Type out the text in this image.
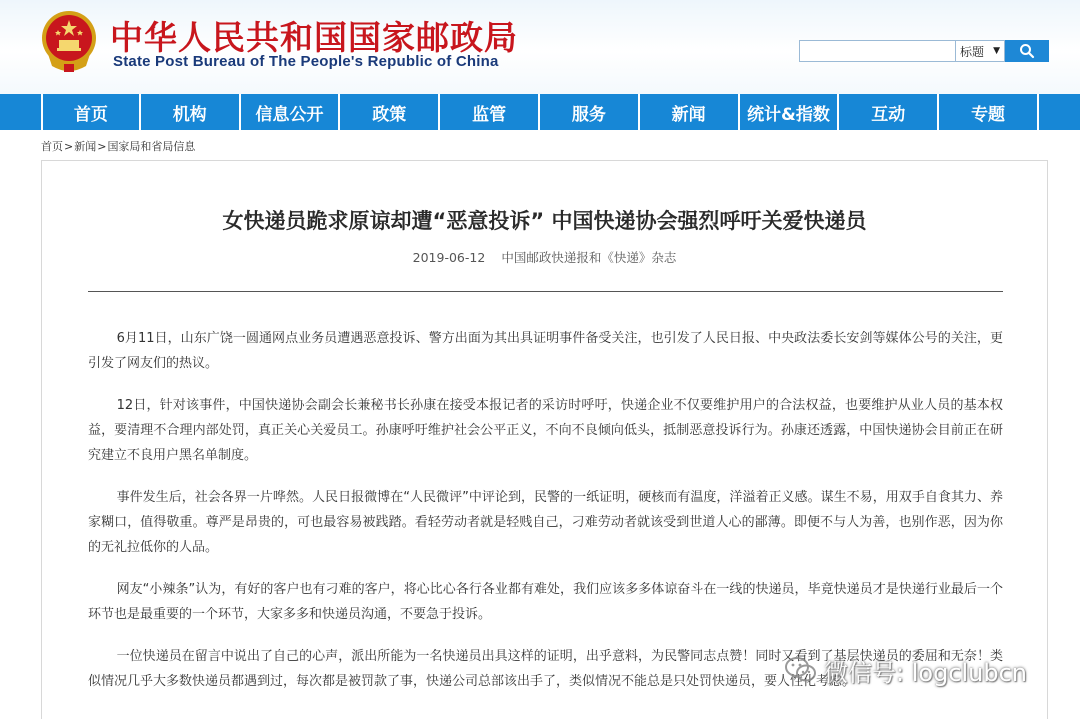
中华人民共和国国家邮政局
State Post Bureau of The People's Republic of China
标题 ▼
首页	机构	信息公开	政策	监管	服务	新闻	统计&指数	互动	专题
首页>新闻>国家局和省局信息
女快递员跪求原谅却遭“恶意投诉” 中国快递协会强烈呼吁关爱快递员
2019-06-12 中国邮政快递报和《快递》杂志

6月11日，山东广饶一圆通网点业务员遭遇恶意投诉、警方出面为其出具证明事件备受关注，也引发了人民日报、中央政法委长安剑等媒体公号的关注，更引发了网友们的热议。

12日，针对该事件，中国快递协会副会长兼秘书长孙康在接受本报记者的采访时呼吁，快递企业不仅要维护用户的合法权益，也要维护从业人员的基本权益，要清理不合理内部处罚，真正关心关爱员工。孙康呼吁维护社会公平正义，不向不良倾向低头，抵制恶意投诉行为。孙康还透露，中国快递协会目前正在研究建立不良用户黑名单制度。

事件发生后，社会各界一片哗然。人民日报微博在“人民微评”中评论到，民警的一纸证明，硬核而有温度，洋溢着正义感。谋生不易，用双手自食其力、养家糊口，值得敬重。尊严是昂贵的，可也最容易被践踏。看轻劳动者就是轻贱自己，刁难劳动者就该受到世道人心的鄙薄。即便不与人为善，也别作恶，因为你的无礼拉低你的人品。

网友“小辣条”认为，有好的客户也有刁难的客户，将心比心各行各业都有难处，我们应该多多体谅奋斗在一线的快递员，毕竟快递员才是快递行业最后一个环节也是最重要的一个环节，大家多多和快递员沟通，不要急于投诉。

一位快递员在留言中说出了自己的心声，派出所能为一名快递员出具这样的证明，出乎意料，为民警同志点赞！同时又看到了基层快递员的委屈和无奈！类似情况几乎大多数快递员都遇到过，每次都是被罚款了事，快递公司总部该出手了，类似情况不能总是只处罚快递员，要人性化考虑。

微信号: logclubcn
